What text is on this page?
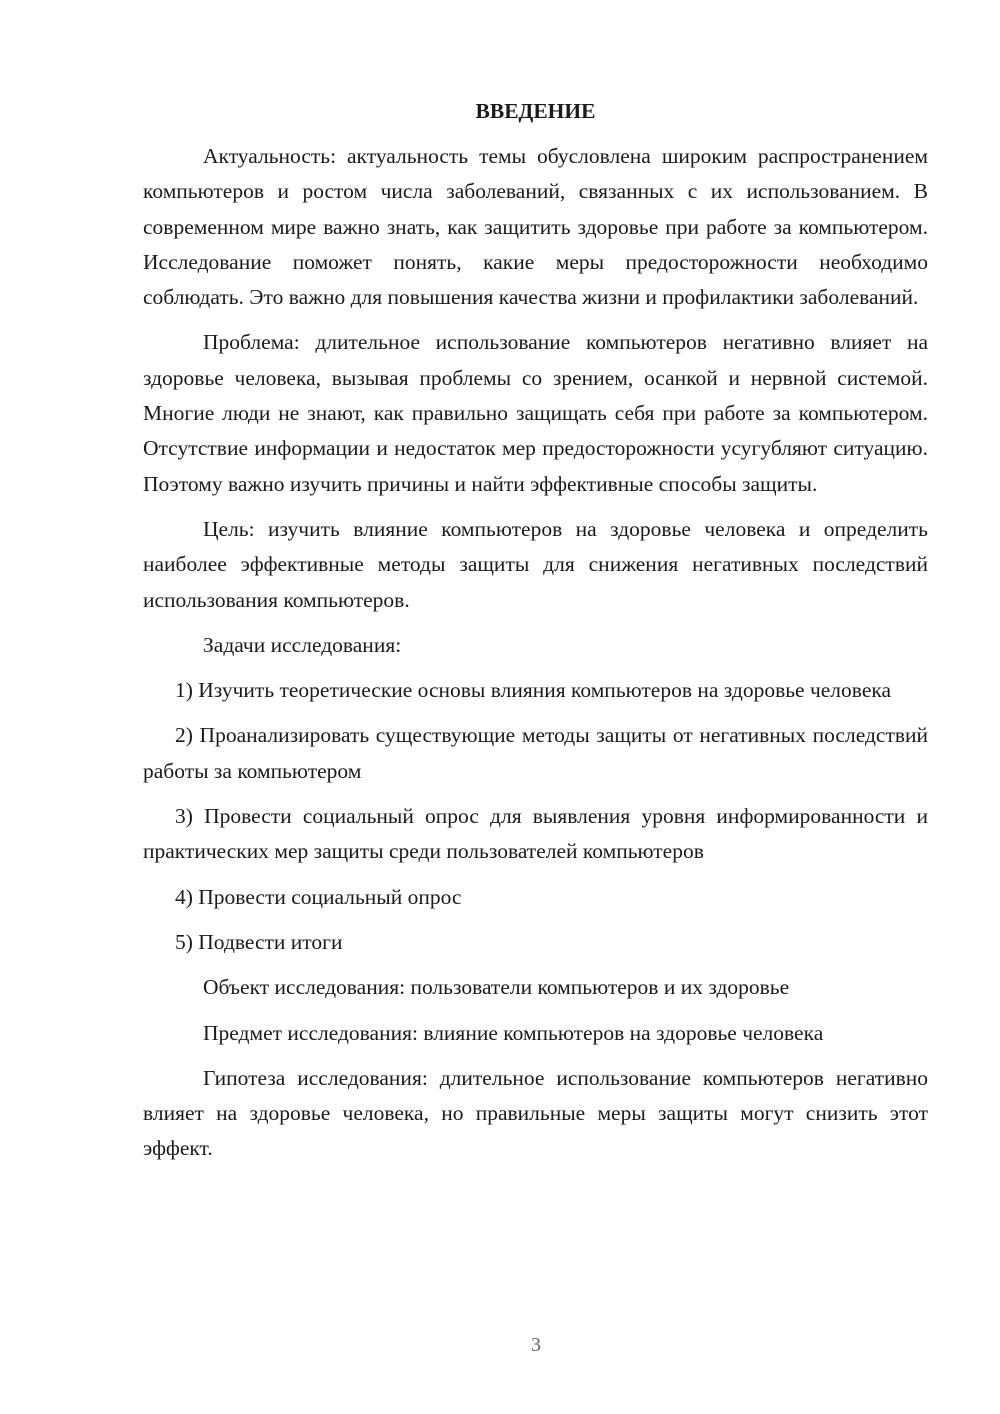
ВВЕДЕНИЕ

Актуальность: актуальность темы обусловлена широким распространением компьютеров и ростом числа заболеваний, связанных с их использованием. В современном мире важно знать, как защитить здоровье при работе за компьютером. Исследование поможет понять, какие меры предосторожности необходимо соблюдать. Это важно для повышения качества жизни и профилактики заболеваний.

Проблема: длительное использование компьютеров негативно влияет на здоровье человека, вызывая проблемы со зрением, осанкой и нервной системой. Многие люди не знают, как правильно защищать себя при работе за компьютером. Отсутствие информации и недостаток мер предосторожности усугубляют ситуацию. Поэтому важно изучить причины и найти эффективные способы защиты.

Цель: изучить влияние компьютеров на здоровье человека и определить наиболее эффективные методы защиты для снижения негативных последствий использования компьютеров.

Задачи исследования:

1) Изучить теоретические основы влияния компьютеров на здоровье человека

2) Проанализировать существующие методы защиты от негативных последствий работы за компьютером

3) Провести социальный опрос для выявления уровня информированности и практических мер защиты среди пользователей компьютеров

4) Провести социальный опрос

5) Подвести итоги

Объект исследования: пользователи компьютеров и их здоровье

Предмет исследования: влияние компьютеров на здоровье человека

Гипотеза исследования: длительное использование компьютеров негативно влияет на здоровье человека, но правильные меры защиты могут снизить этот эффект.

3
